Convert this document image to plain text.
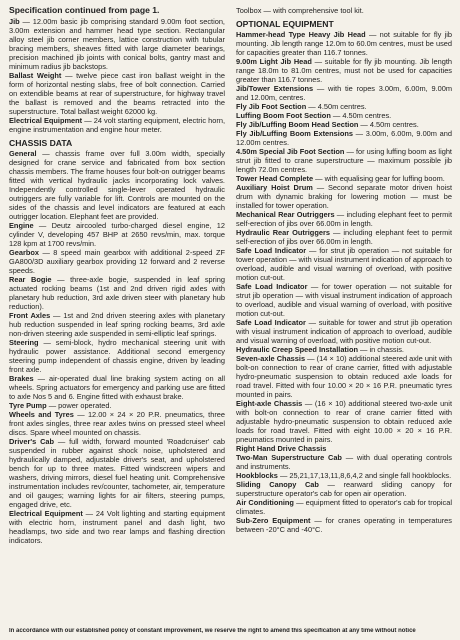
Specification continued from page 1.
Jib — 12.00m basic jib comprising standard 9.00m foot section, 3.00m extension and hammer head type section. Rectangular alloy steel jib corner members, lattice construction with tubular bracing members, sheaves fitted with large diameter bearings, precision machined jib joints with conical bolts, gantry mast and minimum radius jib backstops.
Ballast Weight — twelve piece cast iron ballast weight in the form of horizontal nesting slabs, free of bolt connection. Carried on extendible beams at rear of superstructure, for highway travel the ballast is removed and the beams retracted into the superstructure. Total ballast weight 62000 kg.
Electrical Equipment — 24 volt starting equipment, electric horn, engine instrumentation and engine hour meter.
CHASSIS DATA
General — chassis frame over full 3.00m width, specially designed for crane service and fabricated from box section chassis members. The frame houses four bolt-on outrigger beams fitted with vertical hydraulic jacks incorporating lock valves. Independently controlled single-lever operated hydraulic outriggers are fully variable for lift. Controls are mounted on the sides of the chassis and level indicators are featured at each outrigger location. Elephant feet are provided.
Engine — Deutz aircooled turbo-charged diesel engine, 12 cylinder V, developing 457 BHP at 2650 revs/min, max. torque 128 kpm at 1700 revs/min.
Gearbox — 8 speed main gearbox with additional 2-speed ZF GA800/3D auxiliary gearbox providing 12 forward and 2 reverse speeds.
Rear Bogie — three-axle bogie, suspended in leaf spring actuated rocking beams (1st and 2nd driven rigid axles with planetary hub reduction, 3rd axle driven steer with planetary hub reduction).
Front Axles — 1st and 2nd driven steering axles with planetary hub reduction suspended in leaf spring rocking beams, 3rd axle non-driven steering axle suspended in semi-elliptic leaf springs.
Steering — semi-block, hydro mechanical steering unit with hydraulic power assistance. Additional second emergency steering pump independent of chassis engine, driven by leading front axle.
Brakes — air-operated dual line braking system acting on all wheels. Spring actuators for emergency and parking use are fitted to axle Nos 5 and 6. Engine fitted with exhaust brake.
Tyre Pump — power operated.
Wheels and Tyres — 12.00 × 24 × 20 P.R. pneumatics, three front axles singles, three rear axles twins on pressed steel wheel discs. Spare wheel mounted on chassis.
Driver's Cab — full width, forward mounted 'Roadcruiser' cab suspended in rubber against shock noise, upholstered and hydraulically damped, adjustable driver's seat, and upholstered bench for up to three mates. Fitted windscreen wipers and washers, driving mirrors, diesel fuel heating unit. Comprehensive instrumentation includes rev/counter, tachometer, air, temperature and oil gauges; warning lights for air filters, steering pumps, engaged drive, etc.
Electrical Equipment — 24 Volt lighting and starting equipment with electric horn, instrument panel and dash light, two headlamps, two side and two rear lamps and flashing direction indicators.
Toolbox — with comprehensive tool kit.
OPTIONAL EQUIPMENT
Hammer-head Type Heavy Jib Head — not suitable for fly jib mounting. Jib length range 12.0m to 60.0m centres, must be used for capacities greater than 116.7 tonnes.
9.00m Light Jib Head — suitable for fly jib mounting. Jib length range 18.0m to 81.0m centres, must not be used for capacities greater than 116.7 tonnes.
Jib/Tower Extensions — with tie ropes 3.00m, 6.00m, 9.00m and 12.00m, centres.
Fly Jib Foot Section — 4.50m centres.
Luffing Boom Foot Section — 4.50m centres.
Fly Jib/Luffing Boom Head Section — 4.50m centres.
Fly Jib/Luffing Boom Extensions — 3.00m, 6.00m, 9.00m and 12.00m centres.
4.50m Special Jib Foot Section — for using luffing boom as light strut jib fitted to crane superstructure — maximum possible jib length 72.0m centres.
Tower Head Complete — with equalising gear for luffing boom.
Auxiliary Hoist Drum — Second separate motor driven hoist drum with dynamic braking for lowering motion — must be installed for tower operation.
Mechanical Rear Outriggers — including elephant feet to permit self-erection of jibs over 66.00m in length.
Hydraulic Rear Outriggers — including elephant feet to permit self-erection of jibs over 66.00m in length.
Safe Load Indicator — for strut jib operation — not suitable for tower operation — with visual instrument indication of approach to overload, audible and visual warning of overload, with positive motion cut-out.
Safe Load Indicator — for tower operation — not suitable for strut jib operation — with visual instrument indication of approach to overload, audible and visual warning of overload, with positive motion cut-out.
Safe Load Indicator — suitable for tower and strut jib operation with visual instrument indication of approach to overload, audible and visual warning of overload, with positive motion cut-out.
Hydraulic Creep Speed Installation — in chassis.
Seven-axle Chassis — (14 × 10) additional steered axle unit with bolt-on connection to rear of crane carrier, fitted with adjustable hydro-pneumatic suspension to obtain reduced axle loads for road travel. Fitted with four 10.00 × 20 × 16 P.R. pneumatic tyres mounted in pairs.
Eight-axle Chassis — (16 × 10) additional steered two-axle unit with bolt-on connection to rear of crane carrier fitted with adjustable hydro-pneumatic suspension to obtain reduced axle loads for road travel. Fitted with eight 10.00 × 20 × 16 P.R. pneumatics mounted in pairs.
Right Hand Drive Chassis
Two-Man Superstructure Cab — with dual operating controls and instruments.
Hookblocks — 25,21,17,13,11,8,6,4,2 and single fall hookblocks.
Sliding Canopy Cab — rearward sliding canopy for superstructure operator's cab for open air operation.
Air Conditioning — equipment fitted to operator's cab for tropical climates.
Sub-Zero Equipment — for cranes operating in temperatures between -20°C and -40°C.
In accordance with our established policy of constant improvement, we reserve the right to amend this specification at any time without notice
